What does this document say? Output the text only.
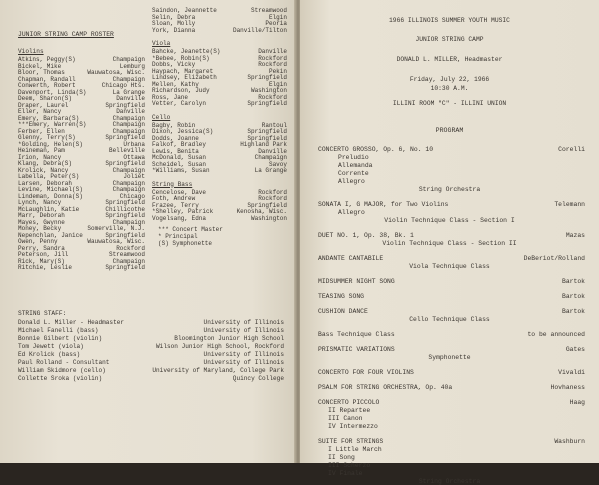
JUNIOR STRING CAMP ROSTER
Violins
Atkins, Peggy(S)	Champaign
Bickel, Mike	Lemburg
Bloor, Thomas	Wauwatosa, Wisc.
Chapman, Randall	Champaign
Conwerth, Robert	Chicago Hts.
Davenport, Linda(S)	La Grange
Deem, Sharon(S)	Danville
Draper, Laurel	Springfield
Eller, Nancy	Danville
Emery, Barbara(S)	Champaign
***Emery, Warren(S)	Champaign
Ferber, Ellen	Champaign
Glenny, Terry(S)	Springfield
*Golding, Helen(S)	Urbana
Heineman, Pam	Belleville
Irion, Nancy	Ottawa
Klang, Debra(S)	Springfield
Krolick, Nancy	Champaign
Labella, Peter(S)	Joliet
Larsen, Deborah	Champaign
Levine, Michael(S)	Champaign
Lindeman, Donna(S)	Chicago
Lynch, Nancy	Springfield
McLaughlin, Katie	Chillicothe
Marr, Deborah	Springfield
Mayes, Gwynne	Champaign
Money, Becky	Somerville, N.J.
Nepenchlan, Janice	Springfield
Owen, Penny	Wauwatosa, Wisc.
Perry, Sandra	Rockford
Peterson, Jill	Streamwood
Rick, Mary(S)	Champaign
Ritchie, Leslie	Springfield
Saindon, Jeannette	Streamwood
Selin, Debra	Elgin
Sloan, Molly	Peoria
York, Dianna	Danville/Tilton
Viola
Bahcke, Jeanette(S)	Danville
*Bebee, Robin(S)	Rockford
Dobbs, Vicky	Rockford
Haypach, Margaret	Pekin
Lindsey, Elizabeth	Springfield
Mellen, Kathy	Elgin
Richardson, Judy	Washington
Ross, Jane	Rockford
Vetter, Carolyn	Springfield
Cello
Bagby, Robin	Rantoul
Dixon, Jessica(S)	Springfield
Dodds, Joanne	Springfield
Falkof, Bradley	Highland Park
Lewis, Benita	Danville
McDonald, Susan	Champaign
Scheidel, Susan	Savoy
*Williams, Susan	La Grange
String Bass
Cencelose, Dave	Rockford
Foth, Andrew	Rockford
Frazee, Terry	Springfield
*Shelley, Patrick	Kenosha, Wisc.
Vogelsang, Edna	Washington
*** Concert Master
* Principal
(S) Symphonette
STRING STAFF:
Donald L. Miller - Headmaster	University of Illinois
Michael Fanelli (bass)	University of Illinois
Bonnie Gilbert (violin)	Bloomington Junior High School
Tom Jewett (viola)	Wilson Junior High School, Rockford
Ed Krolick (bass)	University of Illinois
Paul Rolland - Consultant	University of Illinois
William Skidmore (cello)	University of Maryland, College Park
Collette Sroka (violin)	Quincy College
1966 ILLINOIS SUMMER YOUTH MUSIC
JUNIOR STRING CAMP
DONALD L. MILLER, Headmaster
Friday, July 22, 1966
10:30 A.M.
ILLINI ROOM "C" - ILLINI UNION
PROGRAM
CONCERTO GROSSO, Op. 6, No. 10	Corelli
Preludio
Allemanda
Corrente
Allegro
String Orchestra
SONATA I, G MAJOR, for Two Violins	Telemann
Allegro
Violin Technique Class - Section I
DUET NO. 1, Op. 38, Bk. 1	Mazas
Violin Technique Class - Section II
ANDANTE CANTABILE	DeBeriot/Rolland
Viola Technique Class
MIDSUMMER NIGHT SONG	Bartok
TEASING SONG	Bartok
CUSHION DANCE	Bartok
Cello Technique Class
Bass Technique Class	to be announced
PRISMATIC VARIATIONS	Gates
Symphonette
CONCERTO FOR FOUR VIOLINS	Vivaldi
PSALM FOR STRING ORCHESTRA, Op. 40a	Hovhaness
CONCERTO PICCOLO	Haag
II Repartee
III Canon
IV Intermezzo
SUITE FOR STRINGS	Washburn
I Little March
II Song
III Scherzo
IV Finale
String Orchestra
